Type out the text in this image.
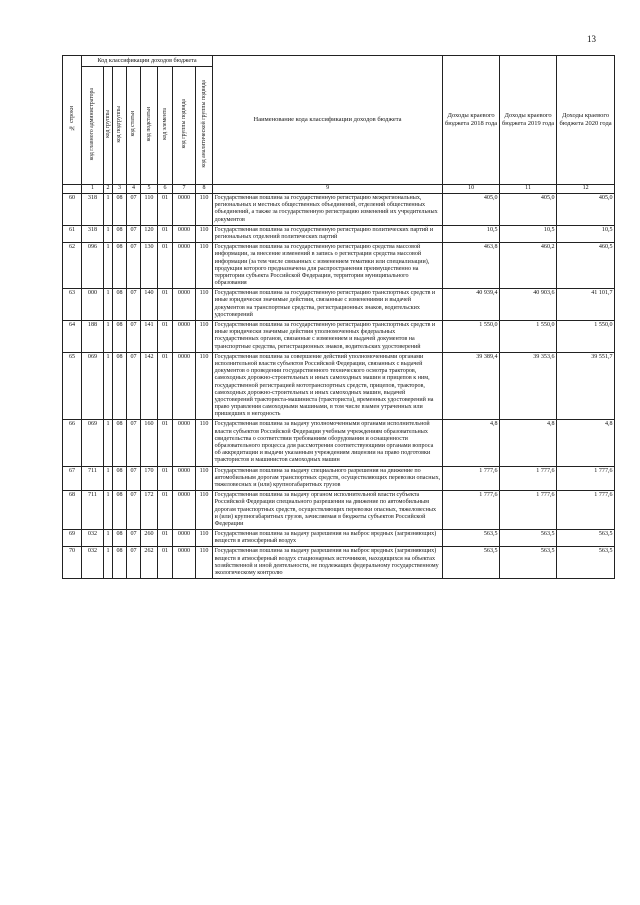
13
№ строки	Код классификации доходов бюджета								Наименование кода классификации доходов бюджета	Доходы краевого бюджета 2018 года	Доходы краевого бюджета 2019 года	Доходы краевого бюджета 2020 года
	код главного администратора	код группы	код подгруппы	код статьи	код подстатьи	код элемента	код группы подвида	код аналитической группы подвида				
	1	2	3	4	5	6	7	8	9	10	11	12
60	318	1	08	07	110	01	0000	110	Государственная пошлина за государственную регистрацию межрегиональных, региональных и местных общественных объединений, отделений общественных объединений, а также за государственную регистрацию изменений их учредительных документов	405,0	405,0	405,0
61	318	1	08	07	120	01	0000	110	Государственная пошлина за государственную регистрацию политических партий и региональных отделений политических партий	10,5	10,5	10,5
62	096	1	08	07	130	01	0000	110	Государственная пошлина за государственную регистрацию средства массовой информации, за внесение изменений в запись о регистрации средства массовой информации (за тем числе связанных с изменением тематики или специализации), продукция которого предназначена для распространения преимущественно на территории субъекта Российской Федерации, территории муниципального образования	463,8	460,2	460,5
63	000	1	08	07	140	01	0000	110	Государственная пошлина за государственную регистрацию транспортных средств и иные юридически значимые действия, связанные с изменениями и выдачей документов на транспортные средства, регистрационных знаков, водительских удостоверений	40 939,4	40 903,6	41 101,7
64	188	1	08	07	141	01	0000	110	Государственная пошлина за государственную регистрацию транспортных средств и иные юридически значимые действия уполномоченных федеральных государственных органов, связанные с изменением и выдачей документов на транспортные средства, регистрационных знаков, водительских удостоверений	1 550,0	1 550,0	1 550,0
65	069	1	08	07	142	01	0000	110	Государственная пошлина за совершение действий уполномоченными органами исполнительной власти субъектов Российской Федерации, связанных с выдачей документов о проведении государственного технического осмотра тракторов, самоходных дорожно-строительных и иных самоходных машин и прицепов к ним, государственной регистрацией мототранспортных средств, прицепов, тракторов, самоходных дорожно-строительных и иных самоходных машин, выдачей удостоверений тракториста-машиниста (тракториста), временных удостоверений на право управления самоходными машинами, в том числе взамен утраченных или пришедших в негодность	39 389,4	39 353,6	39 551,7
66	069	1	08	07	160	01	0000	110	Государственная пошлина за выдачу уполномоченными органами исполнительной власти субъектов Российской Федерации учебным учреждениям образовательных свидетельства о соответствии требованиям оборудования и оснащенности образовательного процесса для рассмотрения соответствующими органами вопроса об аккредитации и выдачи указанным учреждениям лицензии на право подготовки трактористов и машинистов самоходных машин	4,8	4,8	4,8
67	711	1	08	07	170	01	0000	110	Государственная пошлина за выдачу специального разрешения на движение по автомобильным дорогам транспортных средств, осуществляющих перевозки опасных, тяжеловесных и (или) крупногабаритных грузов	1 777,6	1 777,6	1 777,6
68	711	1	08	07	172	01	0000	110	Государственная пошлина за выдачу органом исполнительной власти субъекта Российской Федерации специального разрешения на движение по автомобильным дорогам транспортных средств, осуществляющих перевозки опасных, тяжеловесных и (или) крупногабаритных грузов, зачисляемая в бюджеты субъектов Российской Федерации	1 777,6	1 777,6	1 777,6
69	032	1	08	07	260	01	0000	110	Государственная пошлина за выдачу разрешения на выброс вредных (загрязняющих) веществ в атмосферный воздух	563,5	563,5	563,5
70	032	1	08	07	262	01	0000	110	Государственная пошлина за выдачу разрешения на выброс вредных (загрязняющих) веществ в атмосферный воздух стационарных источников, находящихся на объектах хозяйственной и иной деятельности, не подлежащих федеральному государственному экологическому контролю	563,5	563,5	563,5
